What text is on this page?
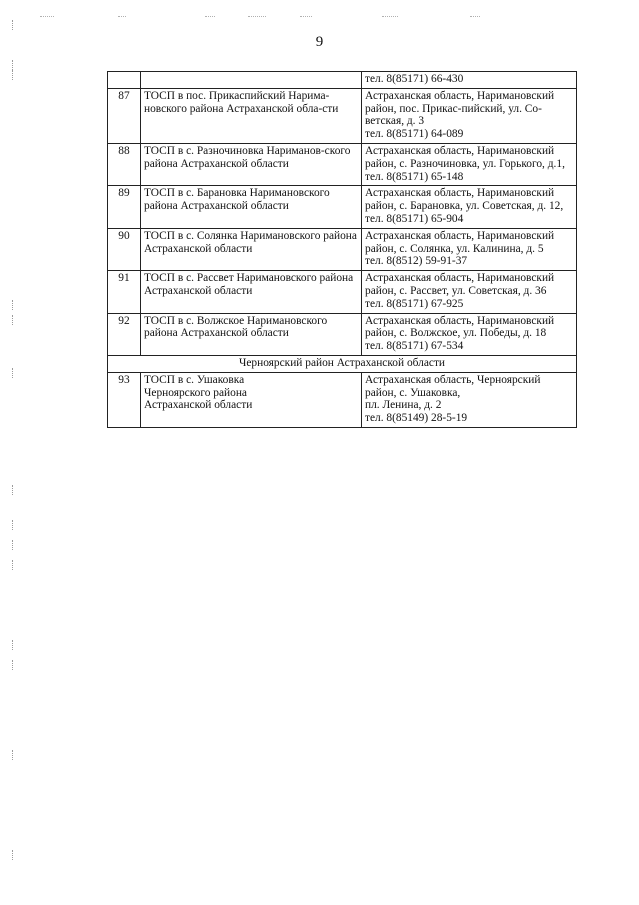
9

		тел. 8(85171) 66-430

87	ТОСП в пос. Прикаспийский Нарима-новского района Астраханской обла-сти	Астраханская область, Наримановский район, пос. Прикас-пийский, ул. Со-ветская, д. 3
тел. 8(85171) 64-089

88	ТОСП в с. Разночиновка Нариманов-ского района Астраханской области	Астраханская область, Наримановский район, с. Разночиновка, ул. Горького, д.1,
тел. 8(85171) 65-148

89	ТОСП в с. Барановка Наримановского района Астраханской области	Астраханская область, Наримановский район, с. Барановка, ул. Советская, д. 12,
тел. 8(85171) 65-904

90	ТОСП в с. Солянка Наримановского района Астраханской области	Астраханская область, Наримановский район, с. Солянка, ул. Калинина, д. 5
тел. 8(8512) 59-91-37

91	ТОСП в с. Рассвет Наримановского района Астраханской области	Астраханская область, Наримановский район, с. Рассвет, ул. Советская, д. 36
тел. 8(85171) 67-925

92	ТОСП в с. Волжское Наримановского района Астраханской области	Астраханская область, Наримановский район, с. Волжское, ул. Победы, д. 18
тел. 8(85171) 67-534

Черноярский район Астраханской области		
93	ТОСП в с. Ушаковка
Черноярского района
Астраханской области	Астраханская область, Черноярский район, с. Ушаковка,
пл. Ленина, д. 2
тел. 8(85149) 28-5-19
